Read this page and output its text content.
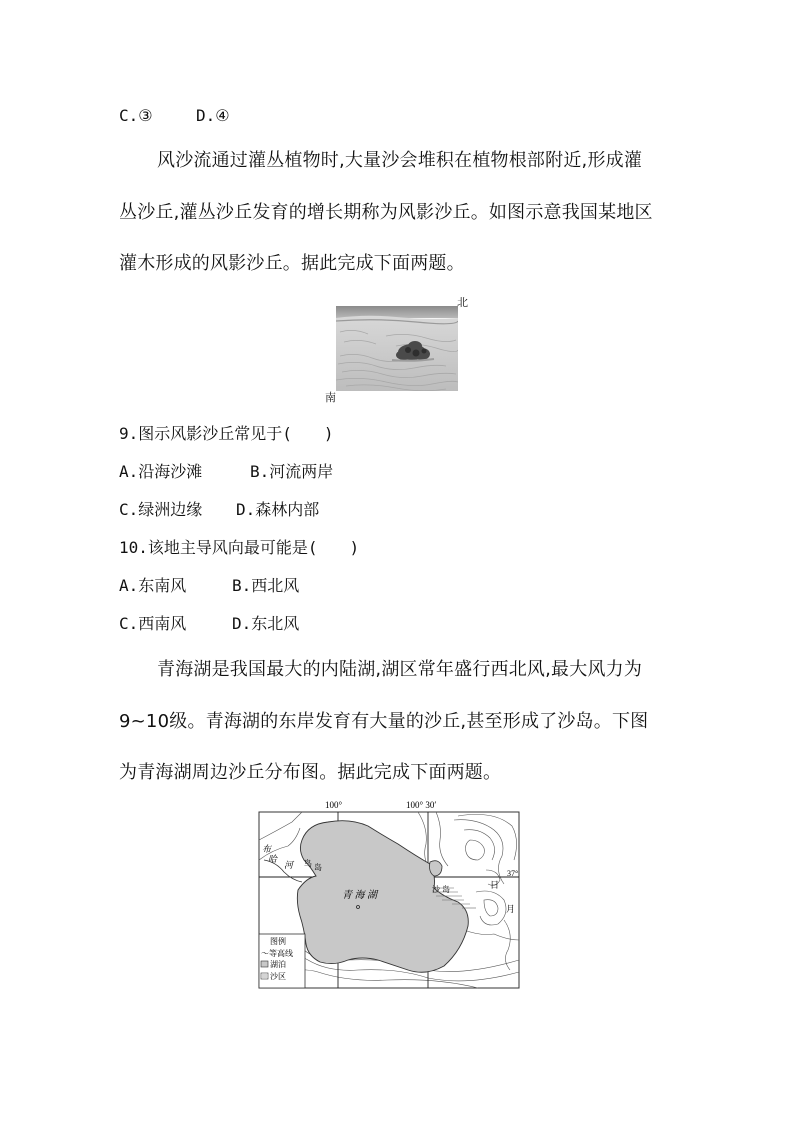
C.③	D.④
风沙流通过灌丛植物时,大量沙会堆积在植物根部附近,形成灌
丛沙丘,灌丛沙丘发育的增长期称为风影沙丘。如图示意我国某地区
灌木形成的风影沙丘。据此完成下面两题。
北
南
9.图示风影沙丘常见于(　　)
A.沿海沙滩	B.河流两岸
C.绿洲边缘 D.森林内部
10.该地主导风向最可能是(　　)
A.东南风	B.西北风
C.西南风	D.东北风
青海湖是我国最大的内陆湖,湖区常年盛行西北风,最大风力为
9~10级。青海湖的东岸发育有大量的沙丘,甚至形成了沙岛。下图
为青海湖周边沙丘分布图。据此完成下面两题。
100°	100° 30′
37°
青 海 湖
布
哈
河 鸟 岛
沙 岛	日
月
图例
～等高线
湖泊
沙区
